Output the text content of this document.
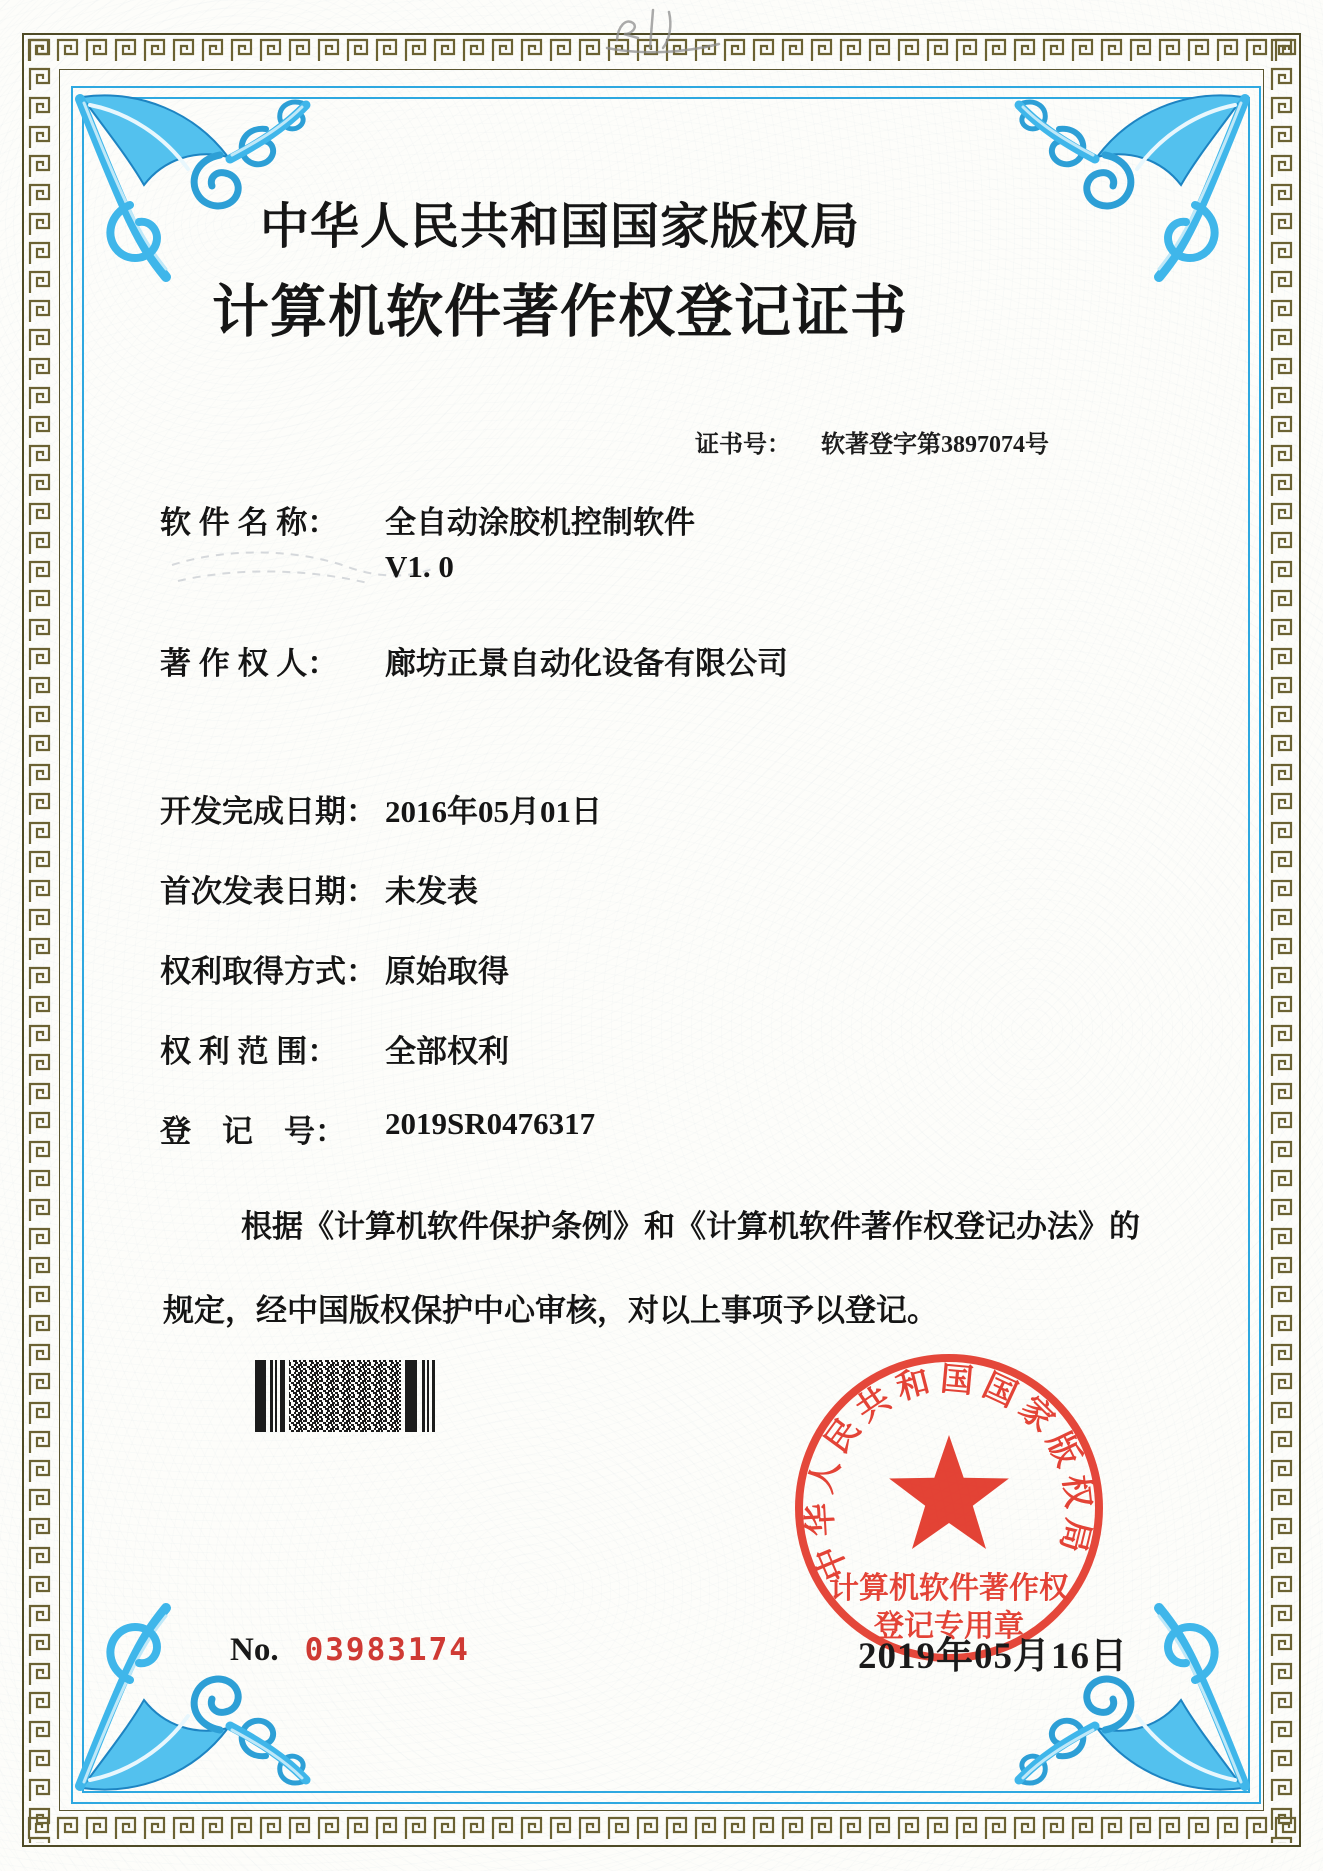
中华人民共和国国家版权局
计算机软件著作权登记证书
证书号： 软著登字第3897074号
软 件 名 称： 全自动涂胶机控制软件
V1. 0
著 作 权 人： 廊坊正景自动化设备有限公司
开发完成日期： 2016年05月01日
首次发表日期： 未发表
权利取得方式： 原始取得
权 利 范 围： 全部权利
登　记　号： 2019SR0476317
根据《计算机软件保护条例》和《计算机软件著作权登记办法》的
规定，经中国版权保护中心审核，对以上事项予以登记。
中华人民共和国国家版权局
计算机软件著作权
登记专用章
2019年05月16日
No. 03983174
